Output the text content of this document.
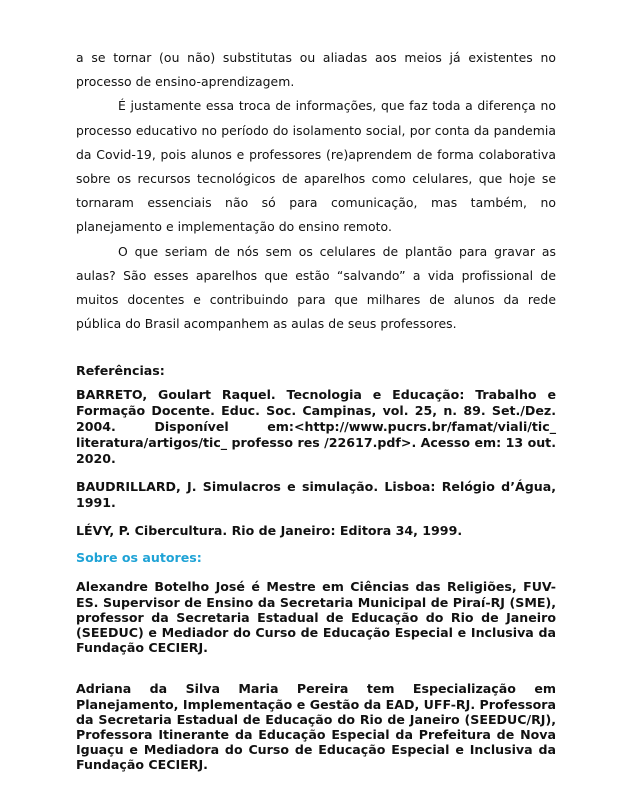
a se tornar (ou não) substitutas ou aliadas aos meios já existentes no processo de ensino-aprendizagem.

É justamente essa troca de informações, que faz toda a diferença no processo educativo no período do isolamento social, por conta da pandemia da Covid-19, pois alunos e professores (re)aprendem de forma colaborativa sobre os recursos tecnológicos de aparelhos como celulares, que hoje se tornaram essenciais não só para comunicação, mas também, no planejamento e implementação do ensino remoto.

O que seriam de nós sem os celulares de plantão para gravar as aulas? São esses aparelhos que estão “salvando” a vida profissional de muitos docentes e contribuindo para que milhares de alunos da rede pública do Brasil acompanhem as aulas de seus professores.

Referências:
BARRETO, Goulart Raquel. Tecnologia e Educação: Trabalho e Formação Docente. Educ. Soc. Campinas, vol. 25, n. 89. Set./Dez. 2004. Disponível em:<http://www.pucrs.br/famat/viali/tic_ literatura/artigos/tic_ professo res /22617.pdf>. Acesso em: 13 out. 2020.
BAUDRILLARD, J. Simulacros e simulação. Lisboa: Relógio d’Água, 1991.
LÉVY, P. Cibercultura. Rio de Janeiro: Editora 34, 1999.
Sobre os autores:
Alexandre Botelho José é Mestre em Ciências das Religiões, FUV-ES. Supervisor de Ensino da Secretaria Municipal de Piraí-RJ (SME), professor da Secretaria Estadual de Educação do Rio de Janeiro (SEEDUC) e Mediador do Curso de Educação Especial e Inclusiva da Fundação CECIERJ.
Adriana da Silva Maria Pereira tem Especialização em Planejamento, Implementação e Gestão da EAD, UFF-RJ. Professora da Secretaria Estadual de Educação do Rio de Janeiro (SEEDUC/RJ), Professora Itinerante da Educação Especial da Prefeitura de Nova Iguaçu e Mediadora do Curso de Educação Especial e Inclusiva da Fundação CECIERJ.
